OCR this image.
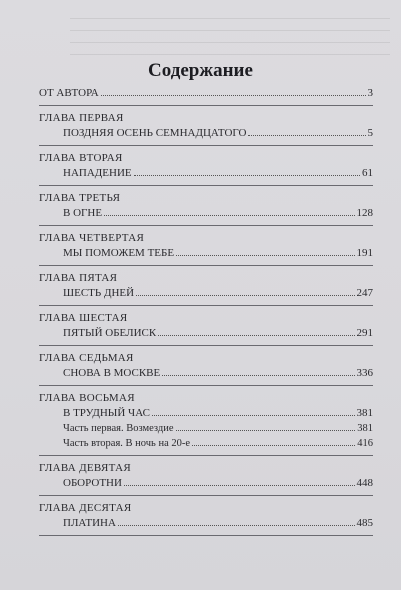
Содержание
ОТ АВТОРА	3
ГЛАВА ПЕРВАЯ
ПОЗДНЯЯ ОСЕНЬ СЕМНАДЦАТОГО	5
ГЛАВА ВТОРАЯ
НАПАДЕНИЕ	61
ГЛАВА ТРЕТЬЯ
В ОГНЕ	128
ГЛАВА ЧЕТВЕРТАЯ
МЫ ПОМОЖЕМ ТЕБЕ	191
ГЛАВА ПЯТАЯ
ШЕСТЬ ДНЕЙ	247
ГЛАВА ШЕСТАЯ
ПЯТЫЙ ОБЕЛИСК	291
ГЛАВА СЕДЬМАЯ
СНОВА В МОСКВЕ	336
ГЛАВА ВОСЬМАЯ
В ТРУДНЫЙ ЧАС	381
Часть первая. Возмездие	381
Часть вторая. В ночь на 20-е	416
ГЛАВА ДЕВЯТАЯ
ОБОРОТНИ	448
ГЛАВА ДЕСЯТАЯ
ПЛАТИНА	485
